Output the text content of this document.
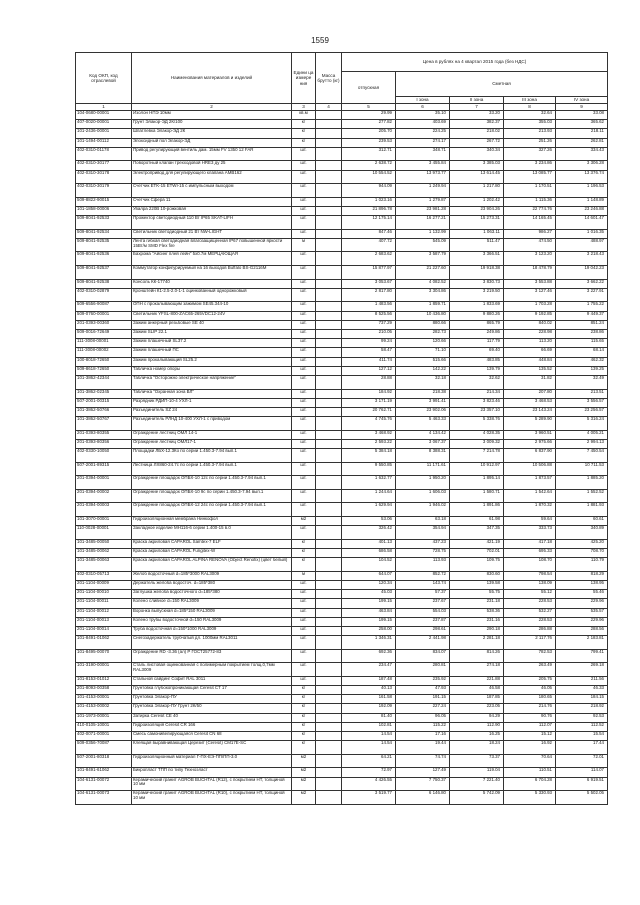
1559
Код ОКП, код отраслевой	Наименования материалов и изделий	Едини ца измере ния	Масса брутто (кг)	Цена в рублях на 4 квартал 2015 года (без НДС)				
				отпускная	Сметная			
					I зона	II зона	III зона	IV зона
1	2	3	4	5	6	7	8	9
104-0680-00001	Изолон НПЭ 10мм	кв.м		29.99	35.10	33.20	32.64	33.08
407-0020-00001	Грунт Элакор-ЭД 2К/100	кг		277.82	403.69	382.37	355.03	365.62
101-2436-00001	Шпатлевка Элакор-ЭД 2К	кг		205.70	224.25	218.02	213.93	218.11
101-1494-00112	Эпоксидный пол Элакор-ЭД	кг		239.53	274.17	267.72	251.26	262.81
402-0310-01178	Привод регулирующий вентиль дам. 15мм FV 1350 12 FAR	шт.		312.71	348.71	340.34	327.26	334.43
402-0310-30177	Поворотный клапан трехходовой HRE3 ду 25	шт.		2 638.72	3 455.84	3 385.03	3 234.86	3 306.28
402-0310-30178	Электропривод для регулирующего клапана AMB162	шт.		10 554.52	13 973.77	13 614.45	13 085.77	13 376.74
402-0310-30179	Счетчик ETK-15 ETWI-15 с импульсным выходом	шт.		944.09	1 249.94	1 217.80	1 170.51	1 196.53
509-8822-90015	Счетчик Сфера 11	шт.		1 023.16	1 279.87	1 202.42	1 115.36	1 148.89
101-1858-00006	Увалра 220В 10-рожковая	шт.		21 896.78	23 981.28	23 904.26	22 774.76	23 246.88
509-8041-92533	Прожектор светодиодный 110 Вт IP65 SKAT-LIFH	шт.		12 175.14	16 277.21	15 273.31	14 165.45	14 601.47
509-8041-92534	Светильник светодиодный 21 Вт NW-LIGHT	шт.		847.46	1 132.99	1 063.11	986.27	1 016.35
509-8041-92535	Лента гибкая светодиодная влагозащищенная IP67 повышенной яркости 15Вт/м SMD Flex fire	м		407.72	545.09	511.47	474.50	488.97
509-8041-92536	Бахрома "Айсинг плей лейн" 5х0.7м МЕРЦАЮЩАЯ	шт.		2 683.62	3 587.79	3 366.51	3 123.20	3 218.43
509-8041-92537	Коммутатор конфигурируемый на 16 выходов Buffalo BS-G2116M	шт.		15 877.97	21 227.60	19 918.38	18 478.79	19 042.23
509-8041-92538	Консоль КК-17740	шт.		3 053.67	4 082.52	3 830.73	3 553.88	3 662.22
402-0310-02879	Кронштейн К1-2.5-2.0-1-1 оцинкованный однорожковый	шт.		2 817.80	3 304.86	3 219.50	3 127.46	3 227.91
509-6556-90087	ОПН с прокалывающим зажимом SE45.344-10	шт.		1 483.56	1 859.71	1 833.69	1 703.28	1 755.22
509-0760-00001	Светильник YFSL-800-ZAC65-265VDC12-24V	шт.		8 525.56	10 436.80	9 880.26	9 192.85	9 449.37
201-0393-00360	Зажим анкерный резьбовые SE 40	шт.		737.29	880.66	865.79	840.02	851.24
509-0016-72649	Зажим SLIP 22.1	шт.		210.05	282.73	249.86	228.98	238.86
111-3008-00001	Зажим плашечный SL37.2	шт.		99.24	120.66	117.79	113.20	115.65
111-3008-00002	Зажим плашечный ПС	шт.		58.47	71.10	69.40	66.69	68.14
100-8018-72650	Зажим прокалывающий SL25.2	шт.		411.74	515.66	483.85	448.84	462.32
509-8618-72650	Табличка номер опоры	шт.		127.12	142.22	139.79	135.52	139.25
101-3862-42344	Табличка "Осторожно электрическое напряжение"	шт.		28.88	32.18	32.62	31.82	32.49
101-3862-02345	Табличка "Охранная зона ВЛ"	шт.		184.92	218.38	214.34	207.80	213.51
507-2001-00315	Разрядник РДИП-10-4 УХЛ-1	шт.		3 171.19	3 991.41	3 823.46	3 468.53	3 556.57
101-3862-50766	Разъединитель SZ 24	шт.		20 762.71	23 902.06	23 357.10	23 143.24	23 256.57
101-3862-50767	Разъединитель РЛНД 10-400 УХЛ-1 с приводом	шт.		4 745.76	5 463.33	5 338.76	5 289.90	5 316.24
201-0393-80355	Ограждение лестниц ОМЛ 14-1	шт.		3 468.92	4 134.42	4 028.35	3 960.51	4 005.21
201-0393-80356	Ограждение лестниц ОМЛ17-1	шт.		2 593.22	3 067.37	3 009.32	2 975.66	2 994.13
402-0330-10050	Площадки ЛБХ-12.3Ко по серии 1.450.3-7.94 вып.1	шт.		5 384.18	8 388.31	7 214.78	6 837.90	7 450.54
507-2001-89315	Лестница ЛХ860-24.7с по серии 1.450.3-7.94 вып.1	шт.		9 550.85	11 171.61	10 912.97	10 506.88	10 711.53
201-0394-00001	Ограждение площадок ОПБХ-10 12с по серии 1.450.3-7.94 вып.1	шт.		1 632.77	1 950.20	1 895.14	1 873.57	1 885.20
201-0394-00002	Ограждение площадок ОПБХ-10 9с по серии 1.450.3-7.94 вып.1	шт.		1 244.64	1 606.03	1 580.71	1 542.64	1 552.52
201-0394-00003	Ограждение площадок ОПБХ-12 24с по серии 1.450.3-7.94 вып.1	шт.		1 629.94	1 946.02	1 891.86	1 870.32	1 881.93
101-3070-00001	Гидроизоляционная мембрана Нинкофол	м2		53.06	63.18	61.98	59.64	60.61
110-0028-00001	Закладное изделие МН116-6 серии 1.400-15 в.0	шт.		326.42	354.94	347.35	333.73	340.89
101-3485-00050	Краска акриловая CAPAROL Samtex-7 ELF	кг		401.13	437.23	421.19	417.18	425.20
101-3485-00062	Краска акриловая CAPAROL Fungitex-W	кг		686.58	728.75	702.01	695.33	708.70
101-3485-00063	Краска акриловая CAPAROL ALPINA RENOVA (Object Renofix) (цвет белый)	кг		104.52	113.93	109.75	108.70	110.79
402-0310-05713	Желоб водосточный d=185*3000 RAL3009	м		644.07	852.72	830.60	798.54	818.29
201-1104-00009	Держатель желоба водосточ. d=185*380	шт.		120.34	143.74	139.58	138.09	138.95
201-1104-00010	Заглушка желоба водосточного d=185*380	шт.		45.03	57.37	55.75	55.12	55.46
201-1104-00011	Колено сливное d=150 RAL3009	шт.		199.15	237.67	231.18	228.53	229.96
201-1104-00012	Воронка выпускная d=185*150 RAL3009	шт.		463.84	554.03	538.36	532.27	535.57
201-1104-00013	Колено трубы водосточной d=150 RAL3009	шт.		199.15	237.87	231.16	228.53	229.96
201-1104-00014	Труба водосточная d=150*1000 RAL3009	шт.		258.00	298.61	290.18	286.88	288.56
101-8491-01062	Снегозадержатель трубчатый дл. 1000мм RAL3011	шт.		1 346.31	2 441.98	2 281.18	2 117.76	2 183.81
101-8495-00070	Ограждение RD -3.36 (ал) Р ГОСТ25772-83	шт.		692.36	834.07	814.26	782.53	799.41
101-3190-00001	Сталь листовая оцинкованная с полимерным покрытием толщ.0,7мм RAL3009	шт.		234.47	280.81	274.18	263.49	269.18
101-8153-01012	Стальной сайдинг Софит RAL 3011	шт.		187.48	235.92	221.88	205.75	211.56
201-8093-00358	Грунтовка глубокопроникающая Ceresit CT 17	кг		40.13	47.93	46.58	46.05	46.33
101-4153-00001	Грунтовка Элакор-ПУ	кг		161.58	191.15	187.85	180.65	184.15
101-4153-00002	Грунтовка Элакор-ПУ Грунт 2К/50	кг		192.09	227.24	223.05	214.76	218.92
101-1973-00001	Затирка Ceresit CE 40	кг		81.40	96.05	94.29	90.76	92.53
410-0105-10001	Гидроизоляция Ceresit CR 166	кг		102.81	115.22	112.90	112.07	112.52
402-0071-00001	Смесь самонивелирующаяся Ceresit CN 68	кг		14.54	17.16	16.25	15.12	15.54
509-0356-70087	Клеящая выравнивающая Церезит (Ceresit) CM17E-SC	кг		14.54	19.44	18.24	16.92	17.44
507-2001-80318	Гидроизоляционный материал Г-ПХ-ЕЭ-ПП/ПП-3.0	м2		64.21	74.74	73.37	70.64	72.01
101-8491-61062	Бикропласт ТПП по типу Техноэласт	м2		72.97	127.49	119.04	110.51	114.07
104-6131-00072	Керамический гранит AGROB BUCHTAL (R12), с покрытием HT, толщиной 10 мм	м2		4 426.55	7 750.37	7 221.40	6 704.28	6 919.51
104-6131-00073	Керамический гранит AGROB BUCHTAL (R10), с покрытием HT, толщиной 10 мм	м2		3 519.77	6 146.80	5 742.09	5 330.93	5 502.05
